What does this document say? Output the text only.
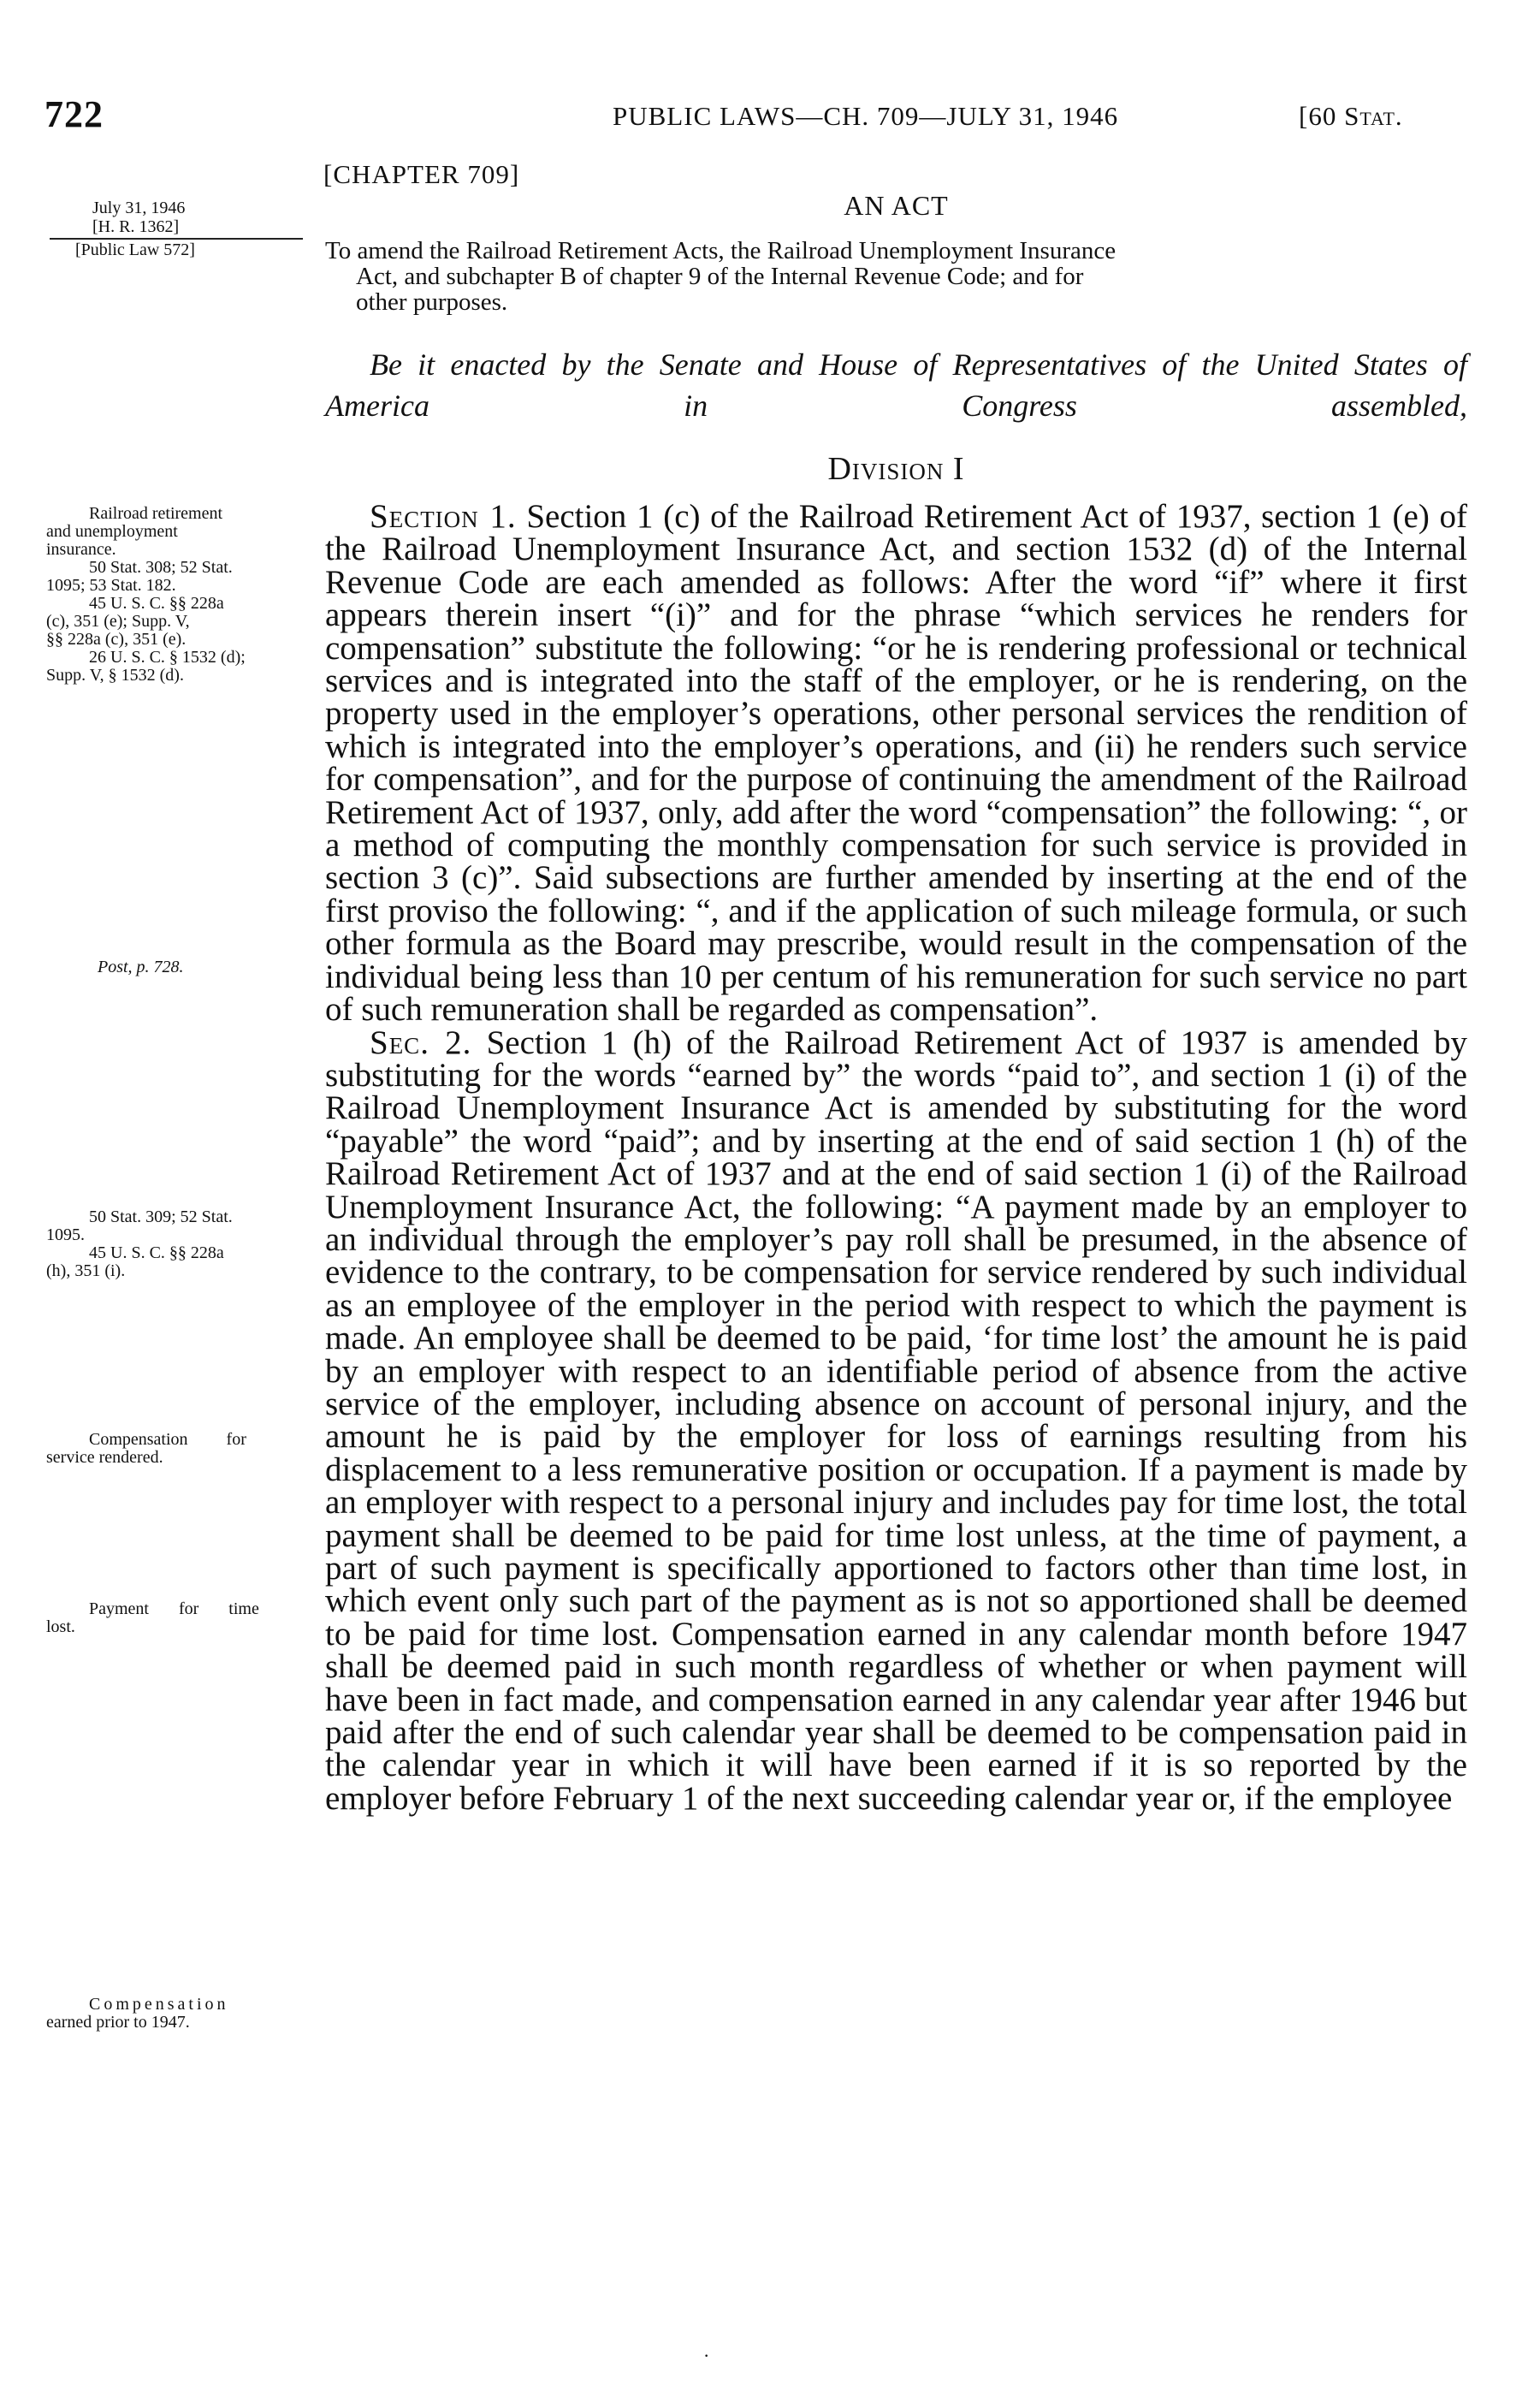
722	PUBLIC LAWS—CH. 709—JULY 31, 1946	[60 Stat.
[CHAPTER 709]
AN ACT
July 31, 1946
[H. R. 1362]
[Public Law 572]	To amend the Railroad Retirement Acts, the Railroad Unemployment Insurance

Act, and subchapter B of chapter 9 of the Internal Revenue Code; and for

other purposes.

Be it enacted by the Senate and House of Representatives of the United States of America in Congress assembled,

Division I
Railroad retirement
and unemployment
insurance.
50 Stat. 308; 52 Stat.
1095; 53 Stat. 182.
45 U. S. C. §§ 228a
(c), 351 (e); Supp. V,
§§ 228a (c), 351 (e).
26 U. S. C. § 1532 (d);
Supp. V, § 1532 (d).
Post, p. 728.
50 Stat. 309; 52 Stat.
1095.
45 U. S. C. §§ 228a
(h), 351 (i).
Compensation for
service rendered.
Payment for time
lost.
Compensation
earned prior to 1947.

Section 1. Section 1 (c) of the Railroad Retirement Act of 1937, section 1 (e) of the Railroad Unemployment Insurance Act, and section 1532 (d) of the Internal Revenue Code are each amended as follows: After the word “if” where it first appears therein insert “(i)” and for the phrase “which services he renders for compensation” substitute the following: “or he is rendering professional or technical services and is integrated into the staff of the employer, or he is rendering, on the property used in the employer’s operations, other personal services the rendition of which is integrated into the employer’s operations, and (ii) he renders such service for compensation”, and for the purpose of continuing the amendment of the Railroad Retirement Act of 1937, only, add after the word “compensation” the following: “, or a method of computing the monthly compensation for such service is provided in section 3 (c)”. Said subsections are further amended by inserting at the end of the first proviso the following: “, and if the application of such mileage formula, or such other formula as the Board may prescribe, would result in the compensation of the individual being less than 10 per centum of his remuneration for such service no part of such remuneration shall be regarded as compensation”.

Sec. 2. Section 1 (h) of the Railroad Retirement Act of 1937 is amended by substituting for the words “earned by” the words “paid to”, and section 1 (i) of the Railroad Unemployment Insurance Act is amended by substituting for the word “payable” the word “paid”; and by inserting at the end of said section 1 (h) of the Railroad Retirement Act of 1937 and at the end of said section 1 (i) of the Railroad Unemployment Insurance Act, the following: “A payment made by an employer to an individual through the employer’s pay roll shall be presumed, in the absence of evidence to the contrary, to be compensation for service rendered by such individual as an employee of the employer in the period with respect to which the payment is made. An employee shall be deemed to be paid, ‘for time lost’ the amount he is paid by an employer with respect to an identifiable period of absence from the active service of the employer, including absence on account of personal injury, and the amount he is paid by the employer for loss of earnings resulting from his displacement to a less remunerative position or occupation. If a payment is made by an employer with respect to a personal injury and includes pay for time lost, the total payment shall be deemed to be paid for time lost unless, at the time of payment, a part of such payment is specifically apportioned to factors other than time lost, in which event only such part of the payment as is not so apportioned shall be deemed to be paid for time lost. Compensation earned in any calendar month before 1947 shall be deemed paid in such month regardless of whether or when payment will have been in fact made, and compensation earned in any calendar year after 1946 but paid after the end of such calendar year shall be deemed to be compensation paid in the calendar year in which it will have been earned if it is so reported by the employer before February 1 of the next succeeding calendar year or, if the employee

·
